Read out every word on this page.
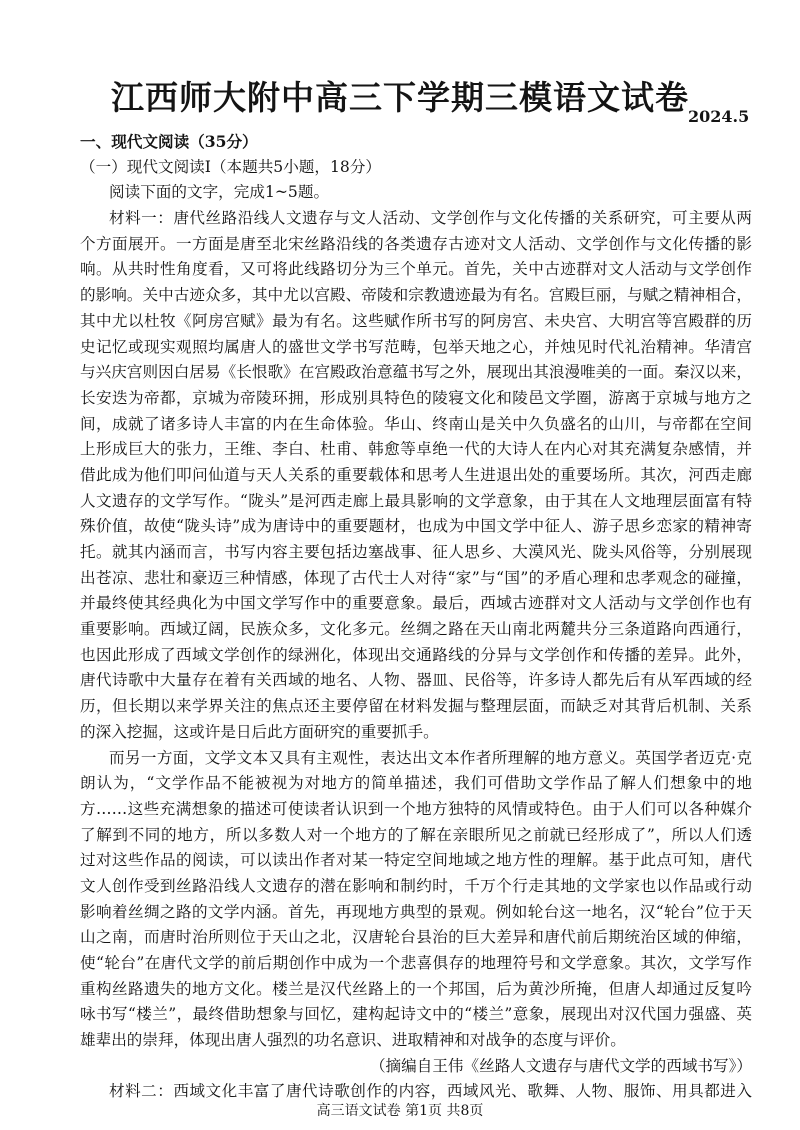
江西师大附中高三下学期三模语文试卷 2024.5
一、现代文阅读（35分）
（一）现代文阅读I（本题共5小题，18分）
阅读下面的文字，完成1~5题。
材料一：唐代丝路沿线人文遗存与文人活动、文学创作与文化传播的关系研究，可主要从两
个方面展开。一方面是唐至北宋丝路沿线的各类遗存古迹对文人活动、文学创作与文化传播的影
响。从共时性角度看，又可将此线路切分为三个单元。首先，关中古迹群对文人活动与文学创作
的影响。关中古迹众多，其中尤以宫殿、帝陵和宗教遗迹最为有名。宫殿巨丽，与赋之精神相合，
其中尤以杜牧《阿房宫赋》最为有名。这些赋作所书写的阿房宫、未央宫、大明宫等宫殿群的历
史记忆或现实观照均属唐人的盛世文学书写范畴，包举天地之心，并烛见时代礼治精神。华清宫
与兴庆宫则因白居易《长恨歌》在宫殿政治意蕴书写之外，展现出其浪漫唯美的一面。秦汉以来，
长安迭为帝都，京城为帝陵环拥，形成别具特色的陵寝文化和陵邑文学圈，游离于京城与地方之
间，成就了诸多诗人丰富的内在生命体验。华山、终南山是关中久负盛名的山川，与帝都在空间
上形成巨大的张力，王维、李白、杜甫、韩愈等卓绝一代的大诗人在内心对其充满复杂感情，并
借此成为他们叩问仙道与天人关系的重要载体和思考人生进退出处的重要场所。其次，河西走廊
人文遗存的文学写作。“陇头”是河西走廊上最具影响的文学意象，由于其在人文地理层面富有特
殊价值，故使“陇头诗”成为唐诗中的重要题材，也成为中国文学中征人、游子思乡恋家的精神寄
托。就其内涵而言，书写内容主要包括边塞战事、征人思乡、大漠风光、陇头风俗等，分别展现
出苍凉、悲壮和豪迈三种情感，体现了古代士人对待“家”与“国”的矛盾心理和忠孝观念的碰撞，
并最终使其经典化为中国文学写作中的重要意象。最后，西域古迹群对文人活动与文学创作也有
重要影响。西域辽阔，民族众多，文化多元。丝绸之路在天山南北两麓共分三条道路向西通行，
也因此形成了西域文学创作的绿洲化，体现出交通路线的分异与文学创作和传播的差异。此外，
唐代诗歌中大量存在着有关西域的地名、人物、器皿、民俗等，许多诗人都先后有从军西域的经
历，但长期以来学界关注的焦点还主要停留在材料发掘与整理层面，而缺乏对其背后机制、关系
的深入挖掘，这或许是日后此方面研究的重要抓手。
而另一方面，文学文本又具有主观性，表达出文本作者所理解的地方意义。英国学者迈克·克
朗认为，“文学作品不能被视为对地方的简单描述，我们可借助文学作品了解人们想象中的地
方……这些充满想象的描述可使读者认识到一个地方独特的风情或特色。由于人们可以各种媒介
了解到不同的地方，所以多数人对一个地方的了解在亲眼所见之前就已经形成了”，所以人们透
过对这些作品的阅读，可以读出作者对某一特定空间地域之地方性的理解。基于此点可知，唐代
文人创作受到丝路沿线人文遗存的潜在影响和制约时，千万个行走其地的文学家也以作品或行动
影响着丝绸之路的文学内涵。首先，再现地方典型的景观。例如轮台这一地名，汉“轮台”位于天
山之南，而唐时治所则位于天山之北，汉唐轮台县治的巨大差异和唐代前后期统治区域的伸缩，
使“轮台”在唐代文学的前后期创作中成为一个悲喜俱存的地理符号和文学意象。其次，文学写作
重构丝路遗失的地方文化。楼兰是汉代丝路上的一个邦国，后为黄沙所掩，但唐人却通过反复吟
咏书写“楼兰”，最终借助想象与回忆，建构起诗文中的“楼兰”意象，展现出对汉代国力强盛、英
雄辈出的崇拜，体现出唐人强烈的功名意识、进取精神和对战争的态度与评价。
（摘编自王伟《丝路人文遗存与唐代文学的西域书写》）
材料二：西域文化丰富了唐代诗歌创作的内容，西域风光、歌舞、人物、服饰、用具都进入
高三语文试卷 第1页 共8页
